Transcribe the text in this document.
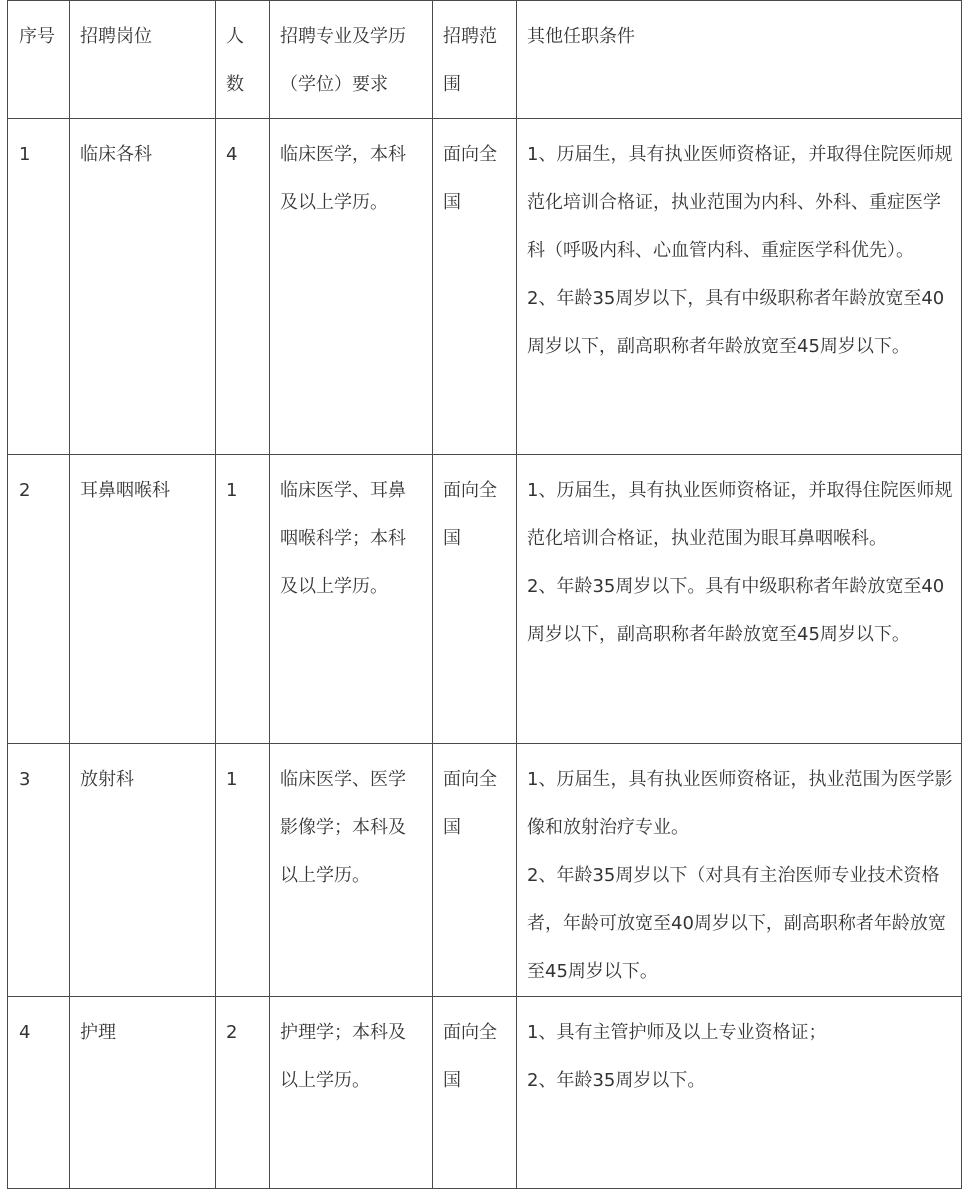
序号	招聘岗位	人数	招聘专业及学历（学位）要求	招聘范围	其他任职条件
1	临床各科	4	临床医学，本科及以上学历。	面向全国	1、历届生，具有执业医师资格证，并取得住院医师规范化培训合格证，执业范围为内科、外科、重症医学科（呼吸内科、心血管内科、重症医学科优先）。
2、年龄35周岁以下，具有中级职称者年龄放宽至40周岁以下，副高职称者年龄放宽至45周岁以下。

2	耳鼻咽喉科	1	临床医学、耳鼻咽喉科学；本科及以上学历。	面向全国	1、历届生，具有执业医师资格证，并取得住院医师规范化培训合格证，执业范围为眼耳鼻咽喉科。
2、年龄35周岁以下。具有中级职称者年龄放宽至40周岁以下，副高职称者年龄放宽至45周岁以下。

3	放射科	1	临床医学、医学影像学；本科及以上学历。	面向全国	1、历届生，具有执业医师资格证，执业范围为医学影像和放射治疗专业。
2、年龄35周岁以下（对具有主治医师专业技术资格者，年龄可放宽至40周岁以下，副高职称者年龄放宽至45周岁以下。

4	护理	2	护理学；本科及以上学历。	面向全国	1、具有主管护师及以上专业资格证；
2、年龄35周岁以下。
